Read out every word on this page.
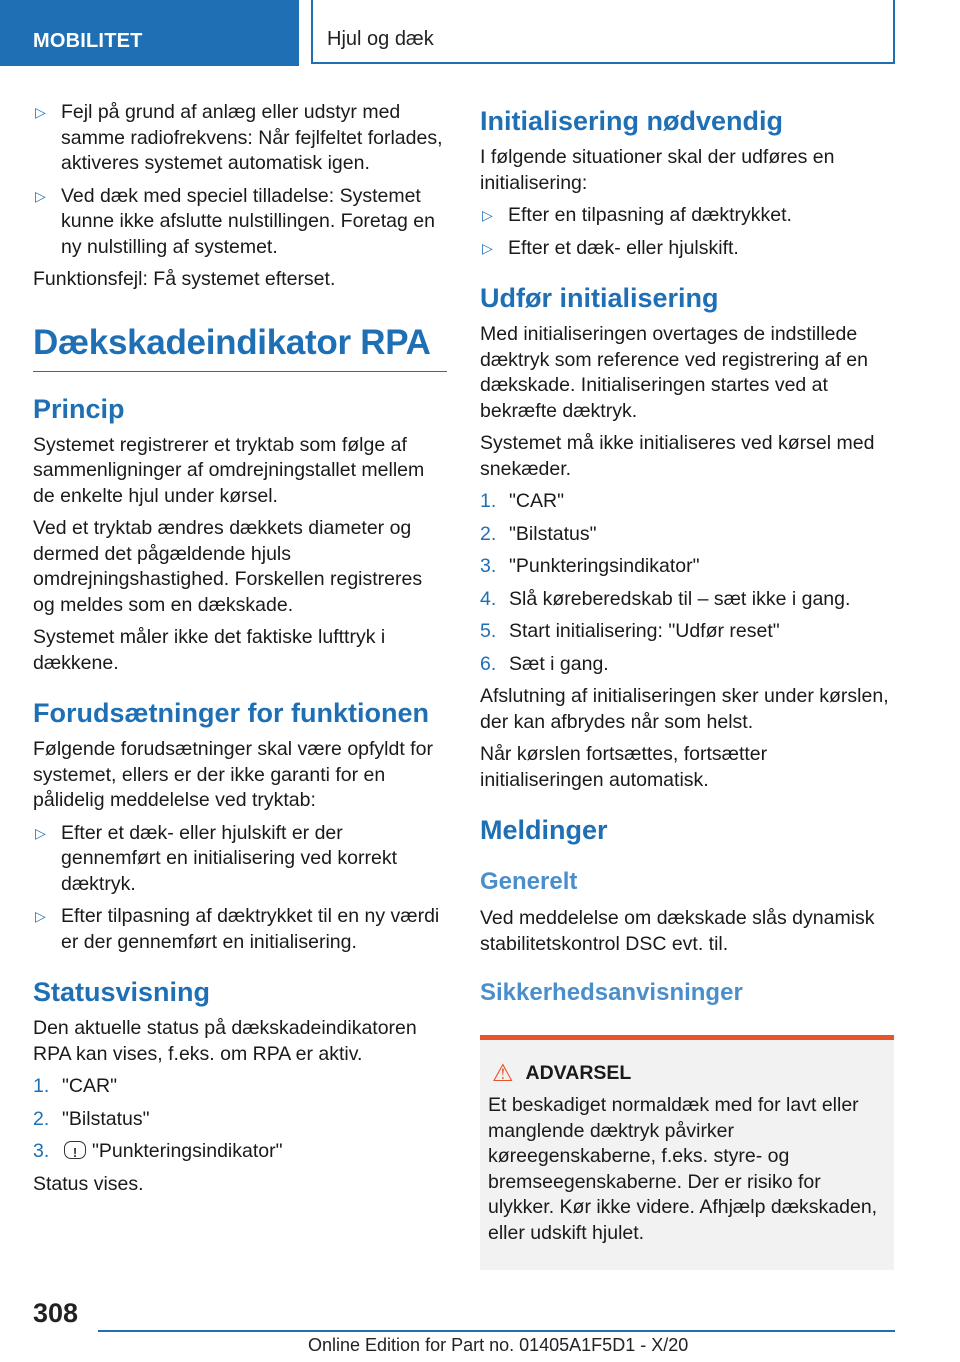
MOBILITET	Hjul og dæk
▷ Fejl på grund af anlæg eller udstyr med samme radiofrekvens: Når fejlfeltet forlades, aktiveres systemet automatisk igen.
▷ Ved dæk med speciel tilladelse: Systemet kunne ikke afslutte nulstillingen. Foretag en ny nulstilling af systemet.
Funktionsfejl: Få systemet efterset.
Dækskadeindikator RPA
Princip
Systemet registrerer et tryktab som følge af sammenligninger af omdrejningstallet mellem de enkelte hjul under kørsel.
Ved et tryktab ændres dækkets diameter og dermed det pågældende hjuls omdrejningshastighed. Forskellen registreres og meldes som en dækskade.
Systemet måler ikke det faktiske lufttryk i dækkene.
Forudsætninger for funktionen
Følgende forudsætninger skal være opfyldt for systemet, ellers er der ikke garanti for en pålidelig meddelelse ved tryktab:
▷ Efter et dæk- eller hjulskift er der gennemført en initialisering ved korrekt dæktryk.
▷ Efter tilpasning af dæktrykket til en ny værdi er der gennemført en initialisering.
Statusvisning
Den aktuelle status på dækskadeindikatoren RPA kan vises, f.eks. om RPA er aktiv.
1. "CAR"
2. "Bilstatus"
3.	! "Punkteringsindikator"
Status vises.
Initialisering nødvendig
I følgende situationer skal der udføres en initialisering:
▷ Efter en tilpasning af dæktrykket.
▷ Efter et dæk- eller hjulskift.
Udfør initialisering
Med initialiseringen overtages de indstillede dæktryk som reference ved registrering af en dækskade. Initialiseringen startes ved at bekræfte dæktryk.
Systemet må ikke initialiseres ved kørsel med snekæder.
1. "CAR"
2. "Bilstatus"
3. "Punkteringsindikator"
4. Slå køreberedskab til – sæt ikke i gang.
5. Start initialisering: "Udfør reset"
6. Sæt i gang.
Afslutning af initialiseringen sker under kørslen, der kan afbrydes når som helst.
Når kørslen fortsættes, fortsætter initialiseringen automatisk.
Meldinger
Generelt
Ved meddelelse om dækskade slås dynamisk stabilitetskontrol DSC evt. til.
Sikkerhedsanvisninger
⚠ ADVARSEL
Et beskadiget normaldæk med for lavt eller manglende dæktryk påvirker køreegenskaberne, f.eks. styre- og bremseegenskaberne. Der er risiko for ulykker. Kør ikke videre. Afhjælp dækskaden, eller udskift hjulet.
308
Online Edition for Part no. 01405A1F5D1 - X/20
